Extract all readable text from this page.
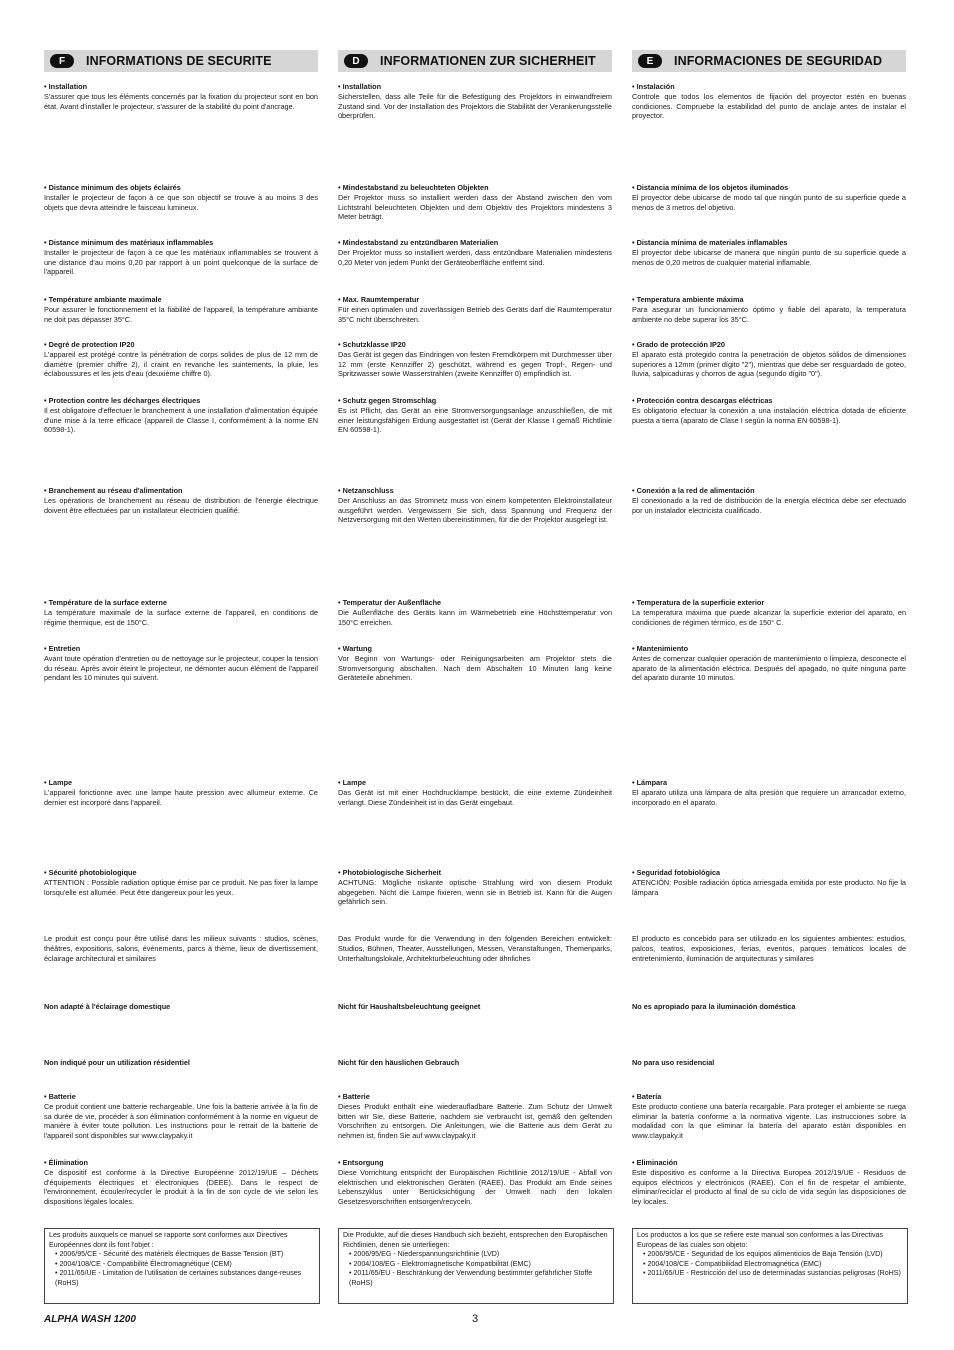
F	INFORMATIONS DE SECURITE
• Installation
S'assurer que tous les éléments concernés par la fixation du projecteur sont en bon état. Avant d'installer le projecteur, s'assurer de la stabilité du point d'ancrage.
• Distance minimum des objets éclairés
Installer le projecteur de façon à ce que son objectif se trouve à au moins 3 des objets que devra atteindre le faisceau lumineux.
• Distance minimum des matériaux inflammables
Installer le projecteur de façon à ce que les matériaux inflammables se trouvent à une distance d'au moins 0,20 par rapport à un point quelconque de la surface de l'appareil.
• Température ambiante maximale
Pour assurer le fonctionnement et la fiabilité de l'appareil, la température ambiante ne doit pas dépasser 35°C.
• Degré de protection IP20
L'appareil est protégé contre la pénétration de corps solides de plus de 12 mm de diamètre (premier chiffre 2), il craint en revanche les suintements, la pluie, les éclaboussures et les jets d'eau (deuxième chiffre 0).
• Protection contre les décharges électriques
Il est obligatoire d'effectuer le branchement à une installation d'alimentation équipée d'une mise à la terre efficace (appareil de Classe I, conformément à la norme EN 60598-1).
• Branchement au réseau d'alimentation
Les opérations de branchement au réseau de distribution de l'énergie électrique doivent être effectuées par un installateur électricien qualifié.
• Température de la surface externe
La température maximale de la surface externe de l'appareil, en conditions de régime thermique, est de 150°C.
• Entretien
Avant toute opération d'entretien ou de nettoyage sur le projecteur, couper la tension du réseau. Après avoir éteint le projecteur, ne démonter aucun élément de l'appareil pendant les 10 minutes qui suivent.
• Lampe
L'appareil fonctionne avec une lampe haute pression avec allumeur externe. Ce dernier est incorporé dans l'appareil.
• Sécurité photobiologique
ATTENTION : Possible radiation optique émise par ce produit. Ne pas fixer la lampe lorsqu'elle est allumée. Peut être dangereux pour les yeux.
Le produit est conçu pour être utilisé dans les milieux suivants : studios, scènes, théâtres, expositions, salons, événements, parcs à thème, lieux de divertissement, éclairage architectural et similaires
Non adapté à l'éclairage domestique
Non indiqué pour un utilization résidentiel
• Batterie
Ce produit contient une batterie rechargeable. Une fois la batterie arrivée à la fin de sa durée de vie, procéder à son élimination conformément à la norme en vigueur de manière à éviter toute pollution. Les instructions pour le retrait de la batterie de l'appareil sont disponibles sur www.claypaky.it
• Élimination
Ce dispositif est conforme à la Directive Européenne 2012/19/UE – Déchets d'équipements électriques et électroniques (DEEE). Dans le respect de l'environnement, écouler/recycler le produit à la fin de son cycle de vie selon les dispositions légales locales.
Les produits auxquels ce manuel se rapporte sont conformes aux Directives Européennes dont ils font l'objet :
• 2006/95/CE - Sécurité des matériels électriques de Basse Tension (BT)
• 2004/108/CE - Compatibilité Électromagnétique (CEM)
• 2011/65/UE - Limitation de l'utilisation de certaines substances dange-reuses (RoHS)
D	INFORMATIONEN ZUR SICHERHEIT
• Installation
Sicherstellen, dass alle Teile für die Befestigung des Projektors in einwandfreiem Zustand sind. Vor der Installation des Projektors die Stabilität der Verankerungsstelle überprüfen.
• Mindestabstand zu beleuchteten Objekten
Der Projektor muss so installiert werden dass der Abstand zwischen den vom Lichtstrahl beleuchteten Objekten und dem Objektiv des Projektors mindestens 3 Meter beträgt.
• Mindestabstand zu entzündbaren Materialien
Der Projektor muss so installiert werden, dass entzündbare Materialien mindestens 0,20 Meter von jedem Punkt der Geräteoberfläche entfernt sind.
• Max. Raumtemperatur
Für einen optimalen und zuverlässigen Betrieb des Geräts darf die Raumtemperatur 35°C nicht überschreiten.
• Schutzklasse IP20
Das Gerät ist gegen das Eindringen von festen Fremdkörpern mit Durchmesser über 12 mm (erste Kennziffer 2) geschützt, während es gegen Tropf-, Regen- und Spritzwasser sowie Wasserstrahlen (zweite Kennziffer 0) empfindlich ist.
• Schutz gegen Stromschlag
Es ist Pflicht, das Gerät an eine Stromversorgungsanlage anzuschließen, die mit einer leistungsfähigen Erdung ausgestattet ist (Gerät der Klasse I gemäß Richtlinie EN 60598-1).
• Netzanschluss
Der Anschluss an das Stromnetz muss von einem kompetenten Elektroinstallateur ausgeführt werden. Vergewissern Sie sich, dass Spannung und Frequenz der Netzversorgung mit den Werten übereinstimmen, für die der Projektor ausgelegt ist.
• Temperatur der Außenfläche
Die Außenfläche des Geräts kann im Wärmebetrieb eine Höchsttemperatur von 150°C erreichen.
• Wartung
Vor Beginn von Wartungs- oder Reinigungsarbeiten am Projektor stets die Stromversorgung abschalten. Nach dem Abschalten 10 Minuten lang keine Geräteteile abnehmen.
• Lampe
Das Gerät ist mit einer Hochdrucklampe bestückt, die eine externe Zündeinheit verlangt. Diese Zündeinheit ist in das Gerät eingebaut.
• Photobiologische Sicherheit
ACHTUNG: Mögliche riskante optische Strahlung wird von diesem Produkt abgegeben. Nicht die Lampe fixieren, wenn sie in Betrieb ist. Kann für die Augen gefährlich sein.
Das Produkt wurde für die Verwendung in den folgenden Bereichen entwickelt: Studios, Bühnen, Theater, Ausstellungen, Messen, Veranstaltungen, Themenparks, Unterhaltungslokale, Architekturbeleuchtung oder ähnliches
Nicht für Haushaltsbeleuchtung geeignet
Nicht für den häuslichen Gebrauch
• Batterie
Dieses Produkt enthält eine wiederaufladbare Batterie. Zum Schutz der Umwelt bitten wir Sie, diese Batterie, nachdem sie verbraucht ist, gemäß den geltenden Vorschriften zu entsorgen. Die Anleitungen, wie die Batterie aus dem Gerät zu nehmen ist, finden Sie auf www.claypaky.it
• Entsorgung
Diese Vorrichtung entspricht der Europäischen Richtlinie 2012/19/UE - Abfall von elektrischen und elektronischen Geräten (RAEE). Das Produkt am Ende seines Lebenszyklus unter Berücksichtigung der Umwelt nach den lokalen Gesetzesvorschriften entsorgen/recyceln.
Die Produkte, auf die dieses Handbuch sich bezieht, entsprechen den Europäischen Richtlinien, denen sie unterliegen:
• 2006/95/EG - Niederspannungsrichtlinie (LVD)
• 2004/108/EG - Elektromagnetische Kompatibilität (EMC)
• 2011/65/EU - Beschränkung der Verwendung bestimmter gefährlicher Stoffe (RoHS)
E	INFORMACIONES DE SEGURIDAD
• Instalación
Controle que todos los elementos de fijación del proyector estén en buenas condiciones. Compruebe la estabilidad del punto de anclaje antes de instalar el proyector.
• Distancia mínima de los objetos iluminados
El proyector debe ubicarse de modo tal que ningún punto de su superficie quede a menos de 3 metros del objetivo.
• Distancia mínima de materiales inflamables
El proyector debe ubicarse de manera que ningún punto de su superficie quede a menos de 0,20 metros de cualquier material inflamable.
• Temperatura ambiente máxima
Para asegurar un funcionamiento óptimo y fiable del aparato, la temperatura ambiente no debe superar los 35°C.
• Grado de protección IP20
El aparato está protegido contra la penetración de objetos sólidos de dimensiones superiores a 12mm (primer dígito "2"), mientras que debe ser resguardado de goteo, lluvia, salpicaduras y chorros de agua (segundo dígito "0").
• Protección contra descargas eléctricas
Es obligatorio efectuar la conexión a una instalación eléctrica dotada de eficiente puesta a tierra (aparato de Clase I según la norma EN 60598-1).
• Conexión a la red de alimentación
El conexionado a la red de distribución de la energía eléctrica debe ser efectuado por un instalador electricista cualificado.
• Temperatura de la superficie exterior
La temperatura máxima que puede alcanzar la superficie exterior del aparato, en condiciones de régimen térmico, es de 150° C.
• Mantenimiento
Antes de comenzar cualquier operación de mantenimiento o limpieza, desconecte el aparato de la alimentación eléctrica. Después del apagado, no quite ninguna parte del aparato durante 10 minutos.
• Lámpara
El aparato utiliza una lámpara de alta presión que requiere un arrancador externo, incorporado en el aparato.
• Seguridad fotobiológica
ATENCIÓN: Posible radiación óptica arriesgada emitida por este producto. No fije la lámpara
El producto es concebido para ser utilizado en los siguientes ambientes: estudios, palcos, teatros, exposiciones, ferias, eventos, parques temáticos locales de entretenimiento, iluminación de arquitecturas y similares
No es apropiado para la iluminación doméstica
No para uso residencial
• Batería
Este producto contiene una batería recargable. Para proteger el ambiente se ruega eliminar la batería conforme a la normativa vigente. Las instrucciones sobre la modalidad con la que eliminar la batería del aparato están disponibles en www.claypaky.it
• Eliminación
Este dispositivo es conforme a la Directiva Europea 2012/19/UE - Residuos de equipos eléctricos y electrónicos (RAEE). Con el fin de respetar el ambiente, eliminar/reciclar el producto al final de su ciclo de vida según las disposiciones de ley locales.
Los productos a los que se refiere este manual son conformes a las Directivas Europeas de las cuales son objeto:
• 2006/95/CE - Seguridad de los equipos alimenticios de Baja Tensión (LVD)
• 2004/108/CE - Compatibilidad Electromagnética (EMC)
• 2011/65/UE - Restricción del uso de determinadas sustancias peligrosas (RoHS)
ALPHA WASH 1200	3
